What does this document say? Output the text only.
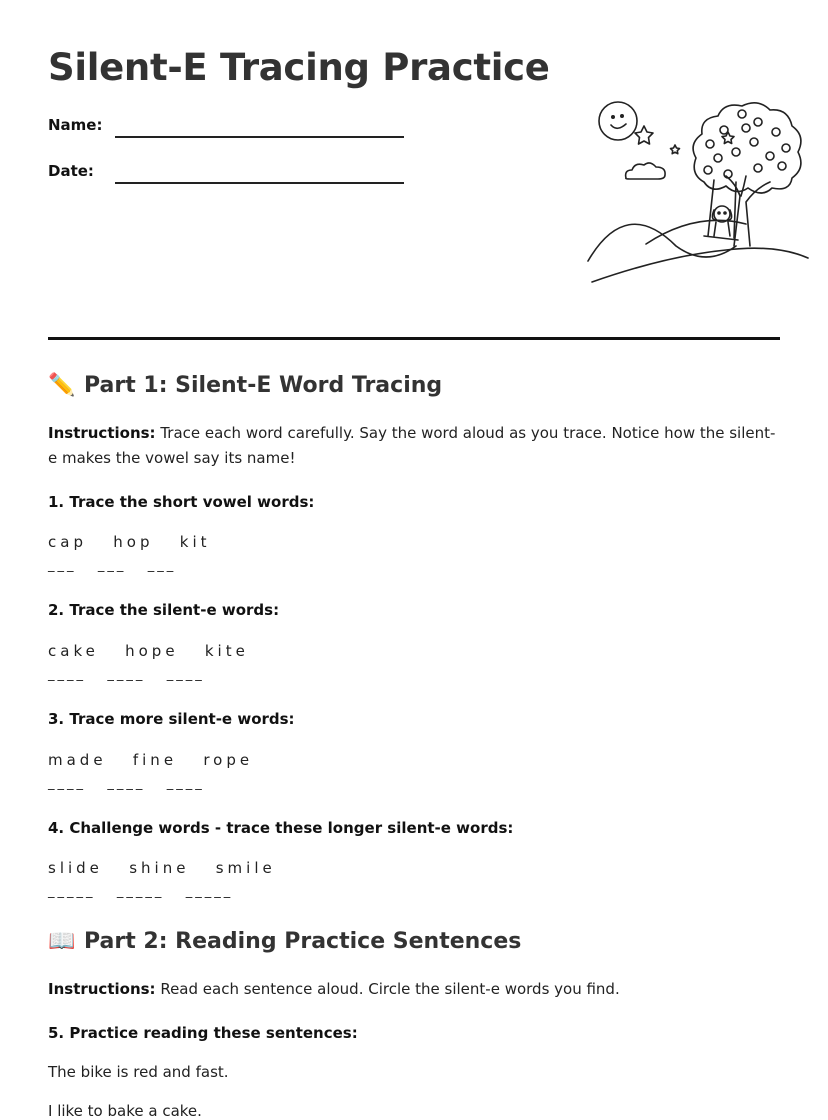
Silent-E Tracing Practice
Name:
Date:
✏️ Part 1: Silent-E Word Tracing

Instructions: Trace each word carefully. Say the word aloud as you trace. Notice how the silent-e makes the vowel say its name!

1. Trace the short vowel words:
cap   hop   kit
___   ___   ___
2. Trace the silent-e words:
cake   hope   kite
____   ____   ____
3. Trace more silent-e words:
made   fine   rope
____   ____   ____
4. Challenge words - trace these longer silent-e words:
slide   shine   smile
_____   _____   _____
📖 Part 2: Reading Practice Sentences

Instructions: Read each sentence aloud. Circle the silent-e words you find.

5. Practice reading these sentences:
The bike is red and fast.
I like to bake a cake.
